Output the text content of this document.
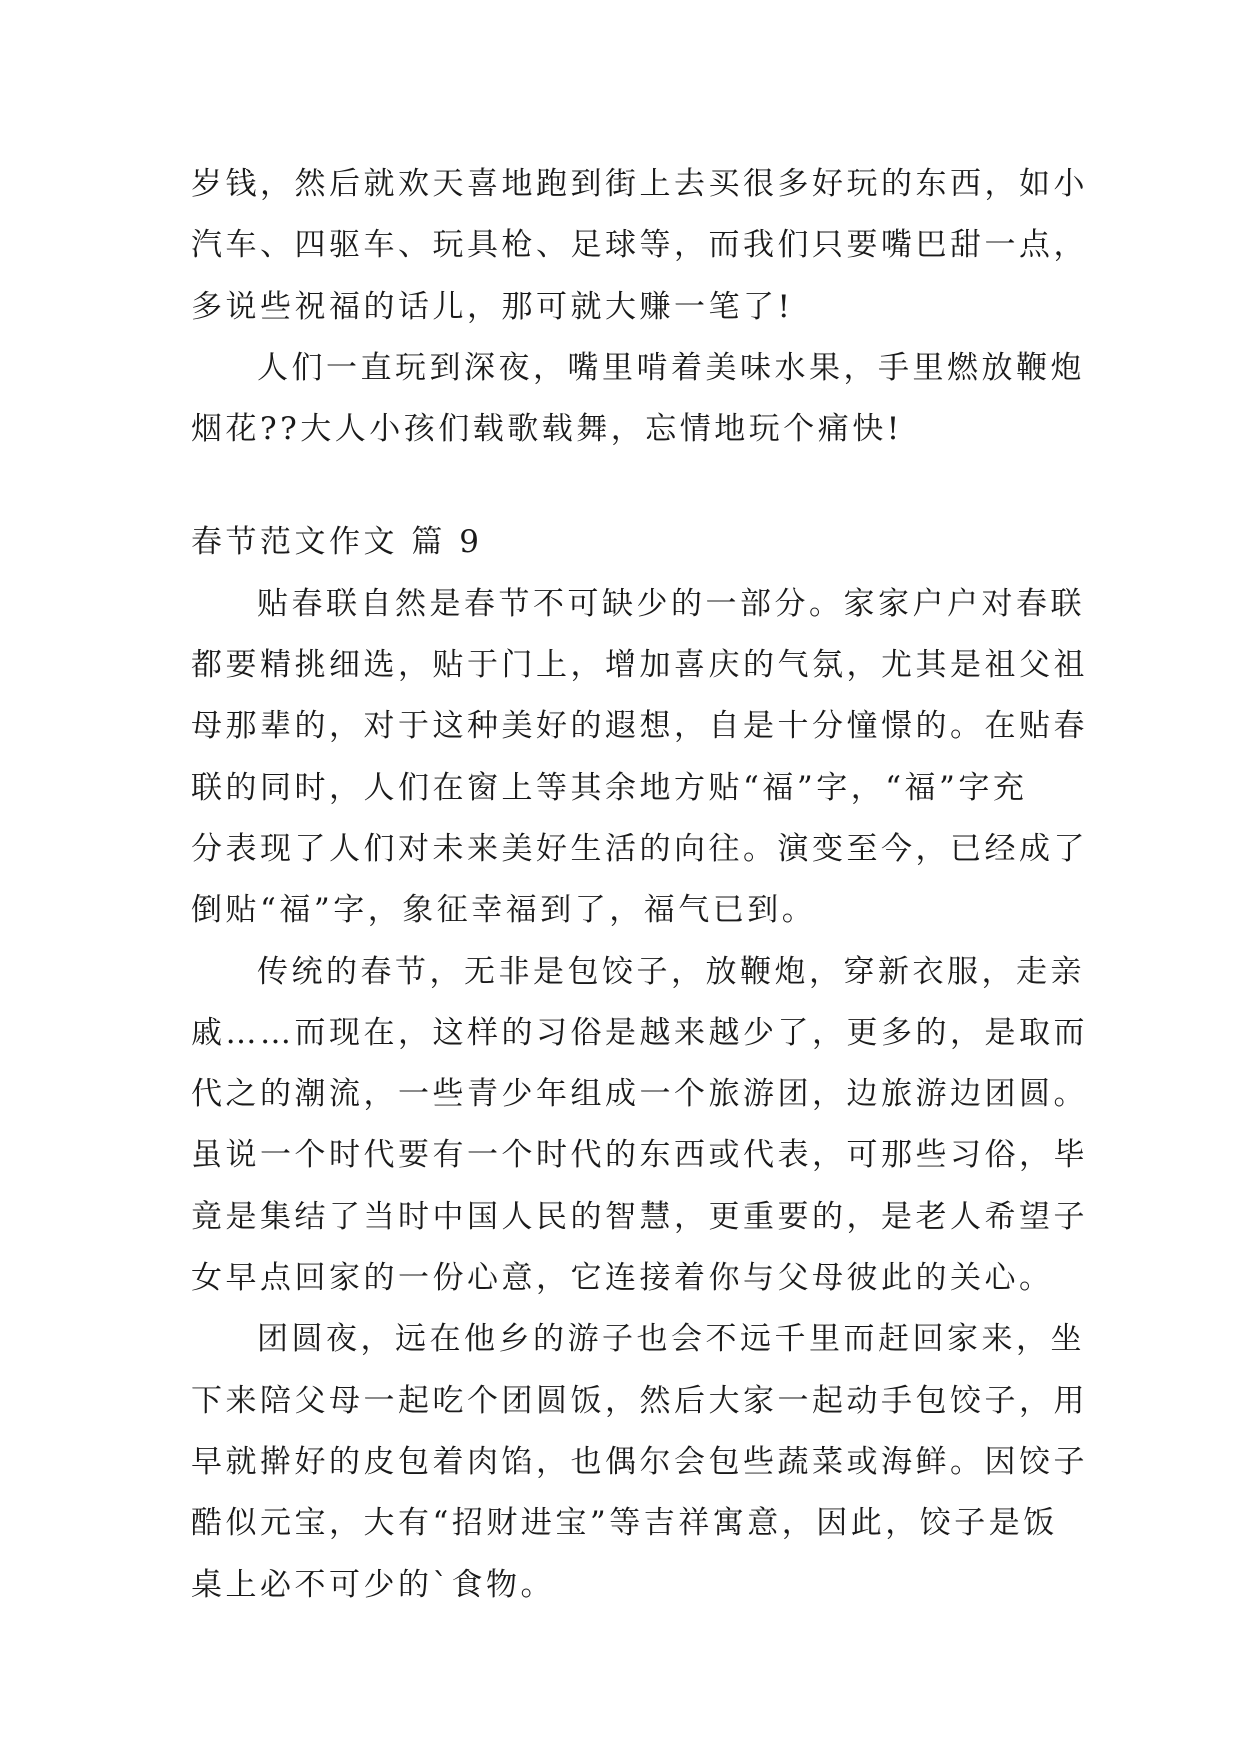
岁钱，然后就欢天喜地跑到街上去买很多好玩的东西，如小
汽车、四驱车、玩具枪、足球等，而我们只要嘴巴甜一点，
多说些祝福的话儿，那可就大赚一笔了!
人们一直玩到深夜，嘴里啃着美味水果，手里燃放鞭炮
烟花??大人小孩们载歌载舞，忘情地玩个痛快!
春节范文作文 篇 9
贴春联自然是春节不可缺少的一部分。家家户户对春联
都要精挑细选，贴于门上，增加喜庆的气氛，尤其是祖父祖
母那辈的，对于这种美好的遐想，自是十分憧憬的。在贴春
联的同时，人们在窗上等其余地方贴“福”字，“福”字充
分表现了人们对未来美好生活的向往。演变至今，已经成了
倒贴“福”字，象征幸福到了，福气已到。
传统的春节，无非是包饺子，放鞭炮，穿新衣服，走亲
戚……而现在，这样的习俗是越来越少了，更多的，是取而
代之的潮流，一些青少年组成一个旅游团，边旅游边团圆。
虽说一个时代要有一个时代的东西或代表，可那些习俗，毕
竟是集结了当时中国人民的智慧，更重要的，是老人希望子
女早点回家的一份心意，它连接着你与父母彼此的关心。
团圆夜，远在他乡的游子也会不远千里而赶回家来，坐
下来陪父母一起吃个团圆饭，然后大家一起动手包饺子，用
早就擀好的皮包着肉馅，也偶尔会包些蔬菜或海鲜。因饺子
酷似元宝，大有“招财进宝”等吉祥寓意，因此，饺子是饭
桌上必不可少的`食物。
